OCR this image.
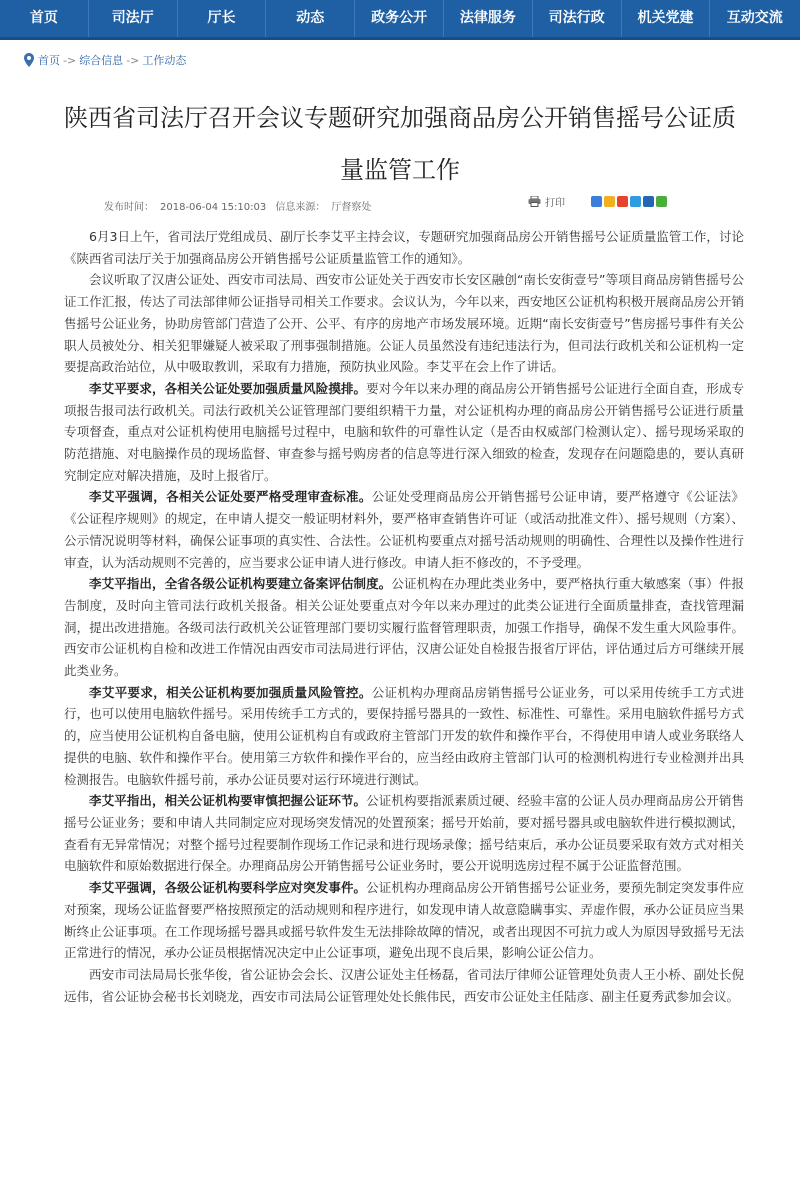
首页	司法厅	厅长	动态	政务公开	法律服务	司法行政	机关党建	互动交流
首页 -> 综合信息 -> 工作动态
陕西省司法厅召开会议专题研究加强商品房公开销售摇号公证质量监管工作
发布时间： 2018-06-04 15:10:03 信息来源： 厅督察处	打印

6月3日上午，省司法厅党组成员、副厅长李艾平主持会议，专题研究加强商品房公开销售摇号公证质量监管工作，讨论《陕西省司法厅关于加强商品房公开销售摇号公证质量监管工作的通知》。

会议听取了汉唐公证处、西安市司法局、西安市公证处关于西安市长安区融创“南长安街壹号”等项目商品房销售摇号公证工作汇报，传达了司法部律师公证指导司相关工作要求。会议认为，今年以来，西安地区公证机构积极开展商品房公开销售摇号公证业务，协助房管部门营造了公开、公平、有序的房地产市场发展环境。近期“南长安街壹号”售房摇号事件有关公职人员被处分、相关犯罪嫌疑人被采取了刑事强制措施。公证人员虽然没有违纪违法行为，但司法行政机关和公证机构一定要提高政治站位，从中吸取教训，采取有力措施，预防执业风险。李艾平在会上作了讲话。

李艾平要求，各相关公证处要加强质量风险摸排。要对今年以来办理的商品房公开销售摇号公证进行全面自查，形成专项报告报司法行政机关。司法行政机关公证管理部门要组织精干力量，对公证机构办理的商品房公开销售摇号公证进行质量专项督查，重点对公证机构使用电脑摇号过程中，电脑和软件的可靠性认定（是否由权威部门检测认定）、摇号现场采取的防范措施、对电脑操作员的现场监督、审查参与摇号购房者的信息等进行深入细致的检查，发现存在问题隐患的，要认真研究制定应对解决措施，及时上报省厅。

李艾平强调，各相关公证处要严格受理审查标准。公证处受理商品房公开销售摇号公证申请，要严格遵守《公证法》《公证程序规则》的规定，在申请人提交一般证明材料外，要严格审查销售许可证（或活动批准文件）、摇号规则（方案）、公示情况说明等材料，确保公证事项的真实性、合法性。公证机构要重点对摇号活动规则的明确性、合理性以及操作性进行审查，认为活动规则不完善的，应当要求公证申请人进行修改。申请人拒不修改的，不予受理。

李艾平指出，全省各级公证机构要建立备案评估制度。公证机构在办理此类业务中，要严格执行重大敏感案（事）件报告制度，及时向主管司法行政机关报备。相关公证处要重点对今年以来办理过的此类公证进行全面质量排查，查找管理漏洞，提出改进措施。各级司法行政机关公证管理部门要切实履行监督管理职责，加强工作指导，确保不发生重大风险事件。西安市公证机构自检和改进工作情况由西安市司法局进行评估，汉唐公证处自检报告报省厅评估，评估通过后方可继续开展此类业务。

李艾平要求，相关公证机构要加强质量风险管控。公证机构办理商品房销售摇号公证业务，可以采用传统手工方式进行，也可以使用电脑软件摇号。采用传统手工方式的，要保持摇号器具的一致性、标准性、可靠性。采用电脑软件摇号方式的，应当使用公证机构自备电脑，使用公证机构自有或政府主管部门开发的软件和操作平台，不得使用申请人或业务联络人提供的电脑、软件和操作平台。使用第三方软件和操作平台的，应当经由政府主管部门认可的检测机构进行专业检测并出具检测报告。电脑软件摇号前，承办公证员要对运行环境进行测试。

李艾平指出，相关公证机构要审慎把握公证环节。公证机构要指派素质过硬、经验丰富的公证人员办理商品房公开销售摇号公证业务；要和申请人共同制定应对现场突发情况的处置预案；摇号开始前，要对摇号器具或电脑软件进行模拟测试，查看有无异常情况；对整个摇号过程要制作现场工作记录和进行现场录像；摇号结束后，承办公证员要采取有效方式对相关电脑软件和原始数据进行保全。办理商品房公开销售摇号公证业务时，要公开说明选房过程不属于公证监督范围。

李艾平强调，各级公证机构要科学应对突发事件。公证机构办理商品房公开销售摇号公证业务，要预先制定突发事件应对预案，现场公证监督要严格按照预定的活动规则和程序进行，如发现申请人故意隐瞒事实、弄虚作假，承办公证员应当果断终止公证事项。在工作现场摇号器具或摇号软件发生无法排除故障的情况，或者出现因不可抗力或人为原因导致摇号无法正常进行的情况，承办公证员根据情况决定中止公证事项，避免出现不良后果，影响公证公信力。

西安市司法局局长张华俊，省公证协会会长、汉唐公证处主任杨磊，省司法厅律师公证管理处负责人王小桥、副处长倪远伟，省公证协会秘书长刘晓龙，西安市司法局公证管理处处长熊伟民，西安市公证处主任陆彦、副主任夏秀武参加会议。
